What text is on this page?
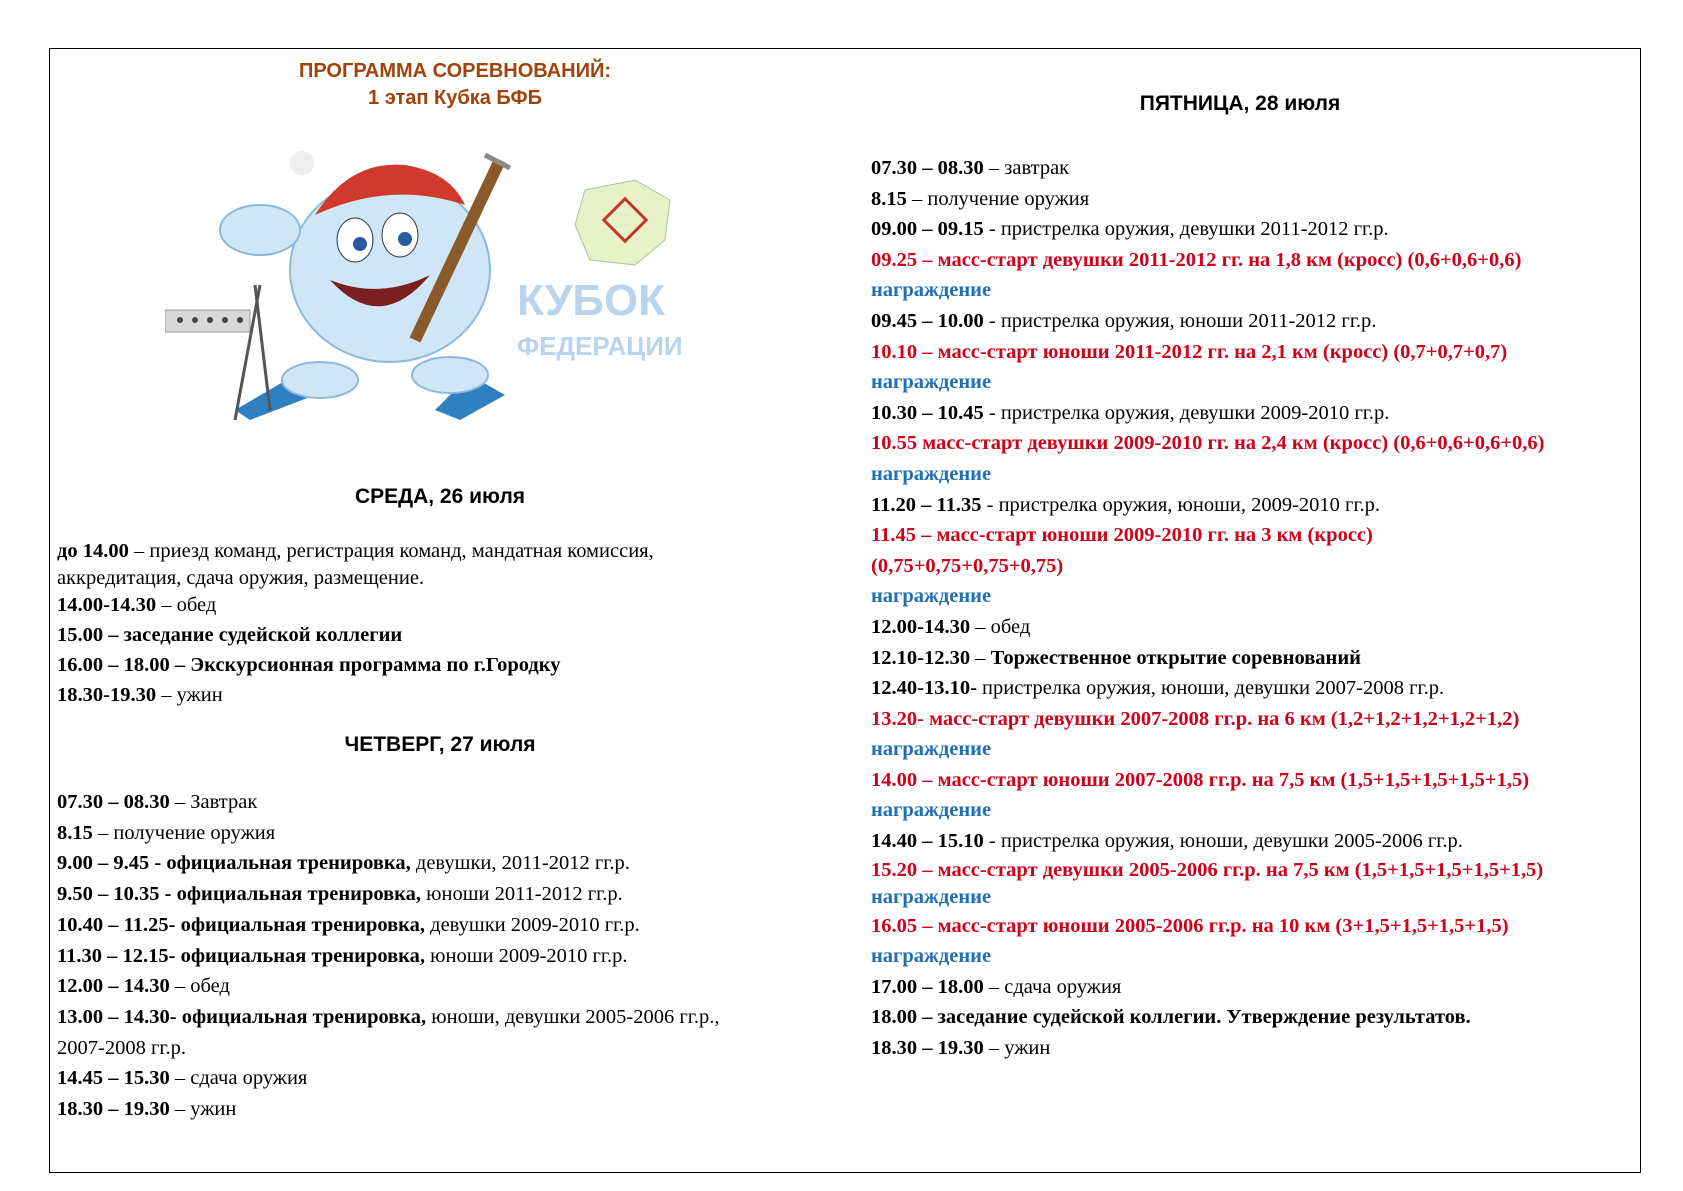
ПРОГРАММА СОРЕВНОВАНИЙ:
1 этап Кубка БФБ
КУБОК
ФЕДЕРАЦИИ
СРЕДА, 26 июля
до 14.00 – приезд команд, регистрация команд, мандатная комиссия,
аккредитация, сдача оружия, размещение.
14.00-14.30 – обед
15.00 – заседание судейской коллегии
16.00 – 18.00 – Экскурсионная программа по г.Городку
18.30-19.30 – ужин
ЧЕТВЕРГ, 27 июля
07.30 – 08.30 – Завтрак
8.15 – получение оружия
9.00 – 9.45 - официальная тренировка, девушки, 2011-2012 гг.р.
9.50 – 10.35 - официальная тренировка, юноши 2011-2012 гг.р.
10.40 – 11.25- официальная тренировка, девушки 2009-2010 гг.р.
11.30 – 12.15- официальная тренировка, юноши 2009-2010 гг.р.
12.00 – 14.30 – обед
13.00 – 14.30- официальная тренировка, юноши, девушки 2005-2006 гг.р.,
2007-2008 гг.р.
14.45 – 15.30 – сдача оружия
18.30 – 19.30 – ужин
ПЯТНИЦА, 28 июля
07.30 – 08.30 – завтрак
8.15 – получение оружия
09.00 – 09.15 - пристрелка оружия, девушки 2011-2012 гг.р.
09.25 – масс-старт девушки 2011-2012 гг. на 1,8 км (кросс) (0,6+0,6+0,6)
награждение
09.45 – 10.00 - пристрелка оружия, юноши 2011-2012 гг.р.
10.10 – масс-старт юноши 2011-2012 гг. на 2,1 км (кросс) (0,7+0,7+0,7)
награждение
10.30 – 10.45 - пристрелка оружия, девушки 2009-2010 гг.р.
10.55 масс-старт девушки 2009-2010 гг. на 2,4 км (кросс) (0,6+0,6+0,6+0,6)
награждение
11.20 – 11.35 - пристрелка оружия, юноши, 2009-2010 гг.р.
11.45 – масс-старт юноши 2009-2010 гг. на 3 км (кросс)
(0,75+0,75+0,75+0,75)
награждение
12.00-14.30 – обед
12.10-12.30 – Торжественное открытие соревнований
12.40-13.10- пристрелка оружия, юноши, девушки 2007-2008 гг.р.
13.20- масс-старт девушки 2007-2008 гг.р. на 6 км (1,2+1,2+1,2+1,2+1,2)
награждение
14.00 – масс-старт юноши 2007-2008 гг.р. на 7,5 км (1,5+1,5+1,5+1,5+1,5)
награждение
14.40 – 15.10 - пристрелка оружия, юноши, девушки 2005-2006 гг.р.
15.20 – масс-старт девушки 2005-2006 гг.р. на 7,5 км (1,5+1,5+1,5+1,5+1,5)
награждение
16.05 – масс-старт юноши 2005-2006 гг.р. на 10 км (3+1,5+1,5+1,5+1,5)
награждение
17.00 – 18.00 – сдача оружия
18.00 – заседание судейской коллегии. Утверждение результатов.
18.30 – 19.30 – ужин
